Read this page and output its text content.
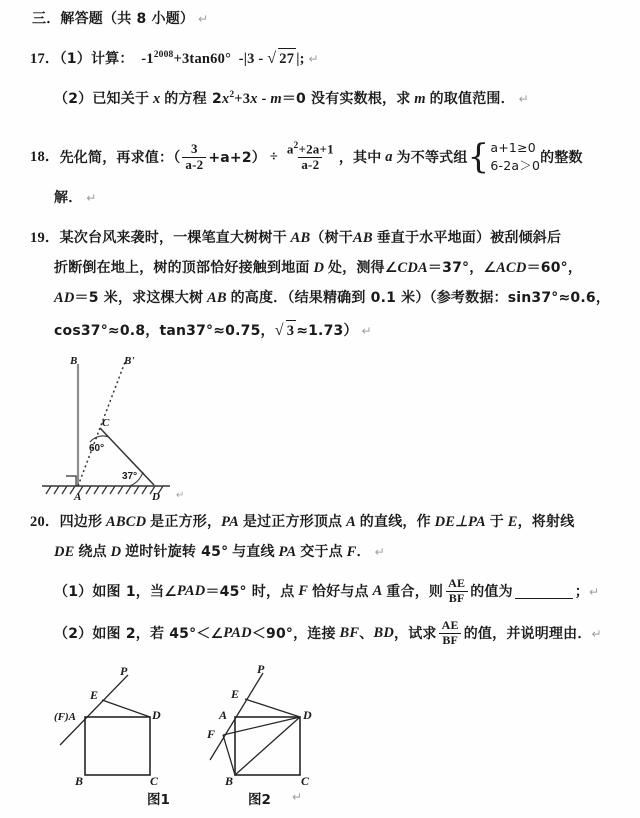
三．解答题（共 8 小题） ↵
17．（1）计算： $-1^{2008}+3\tan 60^\circ$ -|3 - √ 27 |; ↵
（2）已知关于 x 的方程 $2x^2+3x - m=0$ 没有实数根，求 m 的取值范围． ↵
18 ． 先化简，再求值：（ $\frac{3}{a-2} +a+2$）
÷
$\frac{a^2+2a+1}{a-2}$ ，其中
a
为不等式组 { a+1≥0
6-2a＞0 的整数
解． ↵
19．某次台风来袭时，一棵笔直大树树干 AB（树干AB 垂直于水平地面）被刮倾斜后
折断倒在地上，树的顶部恰好接触到地面 D 处，测得∠CDA＝37°，∠ACD＝60°，
AD＝5 米，求这棵大树 AB 的高度．（结果精确到 0.1 米）（参考数据：sin37°≈0.6，
cos37°≈0.8，tan37°≈0.75， √ 3 ≈1.73） ↵
B	B'
C
A	D
60°
37°
↵
20．四边形 ABCD 是正方形，PA 是过正方形顶点 A 的直线，作 DE⊥PA 于 E，将射线
DE 绕点 D 逆时针旋转 45° 与直线 PA 交于点 F． ↵
（1） 如图 1，当∠ PAD ＝45° 时，点
F
恰好与点
A
重合，则 $\frac{AE}{BF}$ 的值为	； ↵
（2） 如图 2，若 45°＜∠ PAD ＜90°，连接
BF 、 BD ，试求 $\frac{AE}{BF}$ 的值，并说明理由． ↵
P
E
(F)A	D
B	C
图1
P
E
A
F
D
B	C
图2 ↵
